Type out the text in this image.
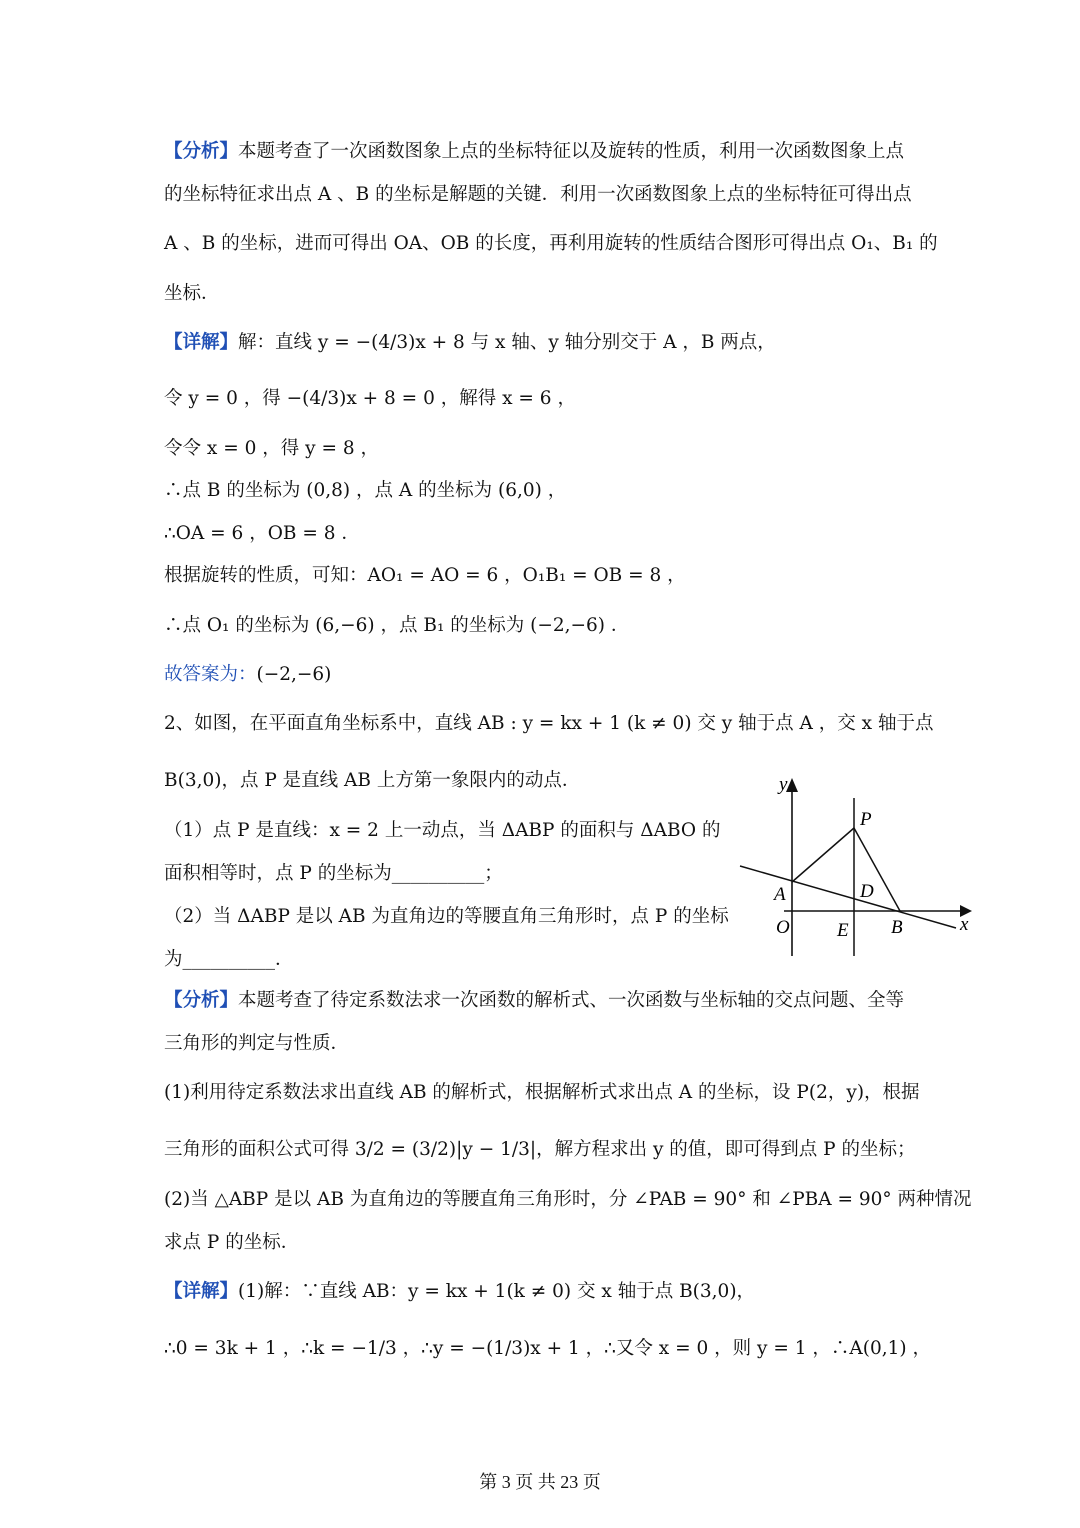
【分析】本题考查了一次函数图象上点的坐标特征以及旋转的性质，利用一次函数图象上点
的坐标特征求出点 A 、B 的坐标是解题的关键．利用一次函数图象上点的坐标特征可得出点
A 、B 的坐标，进而可得出 OA、OB 的长度，再利用旋转的性质结合图形可得出点 O₁、B₁ 的
坐标．
【详解】解：直线 y = −(4/3)x + 8 与 x 轴、y 轴分别交于 A ，B 两点，
令 y = 0 ，得 −(4/3)x + 8 = 0 ，解得 x = 6 ，
令令 x = 0 ，得 y = 8 ，
∴点 B 的坐标为 (0,8) ，点 A 的坐标为 (6,0) ，
∴OA = 6 ，OB = 8 ．
根据旋转的性质，可知：AO₁ = AO = 6 ，O₁B₁ = OB = 8 ，
∴点 O₁ 的坐标为 (6,−6) ，点 B₁ 的坐标为 (−2,−6) ．
故答案为：(−2,−6)
2、如图，在平面直角坐标系中，直线 AB : y = kx + 1 (k ≠ 0) 交 y 轴于点 A ，交 x 轴于点
B(3,0)，点 P 是直线 AB 上方第一象限内的动点．
（1）点 P 是直线：x = 2 上一动点，当 ΔABP 的面积与 ΔABO 的
面积相等时，点 P 的坐标为__________；
（2）当 ΔABP 是以 AB 为直角边的等腰直角三角形时，点 P 的坐标
为__________．
【分析】本题考查了待定系数法求一次函数的解析式、一次函数与坐标轴的交点问题、全等
三角形的判定与性质．
(1)利用待定系数法求出直线 AB 的解析式，根据解析式求出点 A 的坐标，设 P(2，y)，根据
三角形的面积公式可得 3/2 = (3/2)|y − 1/3|，解方程求出 y 的值，即可得到点 P 的坐标；
(2)当 △ABP 是以 AB 为直角边的等腰直角三角形时，分 ∠PAB = 90° 和 ∠PBA = 90° 两种情况
求点 P 的坐标．
【详解】(1)解：∵直线 AB：y = kx + 1(k ≠ 0) 交 x 轴于点 B(3,0)，
∴0 = 3k + 1 ，∴k = −1/3 ，∴y = −(1/3)x + 1 ，∴又令 x = 0 ，则 y = 1 ，∴A(0,1) ，
y
x
O
A
B
D
E
P
第 3 页 共 23 页
